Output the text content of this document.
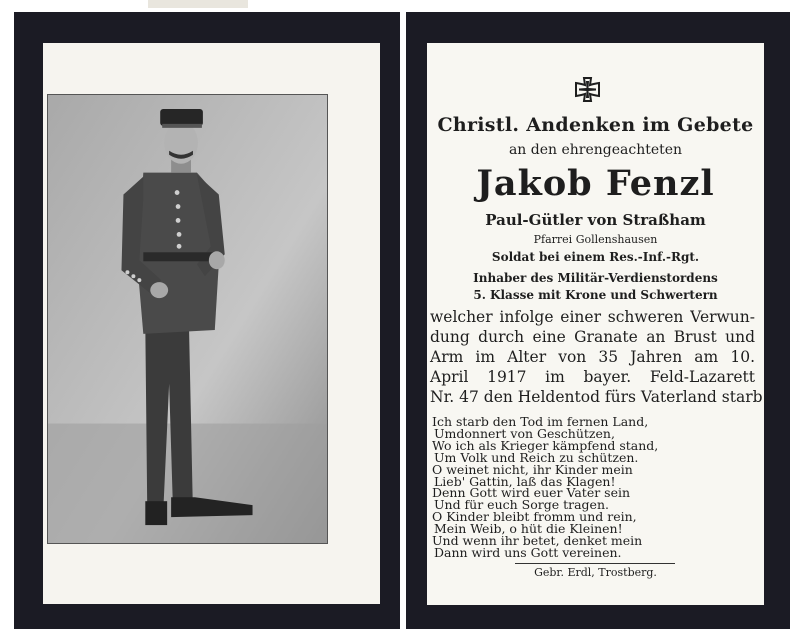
Christl. Andenken im Gebete
an den ehrengeachteten
Jakob Fenzl
Paul-Gütler von Straßham
Pfarrei Gollenshausen
Soldat bei einem Res.-Inf.-Rgt.
Inhaber des Militär-Verdienstordens
5. Klasse mit Krone und Schwertern
welcher infolge einer schweren Verwun-
dung durch eine Granate an Brust und
Arm im Alter von 35 Jahren am 10.
April 1917 im bayer. Feld-Lazarett
Nr. 47 den Heldentod fürs Vaterland starb.
Ich starb den Tod im fernen Land,
Umdonnert von Geschützen,
Wo ich als Krieger kämpfend stand,
Um Volk und Reich zu schützen.
O weinet nicht, ihr Kinder mein
Lieb' Gattin, laß das Klagen!
Denn Gott wird euer Vater sein
Und für euch Sorge tragen.
O Kinder bleibt fromm und rein,
Mein Weib, o hüt die Kleinen!
Und wenn ihr betet, denket mein
Dann wird uns Gott vereinen.
Gebr. Erdl, Trostberg.
